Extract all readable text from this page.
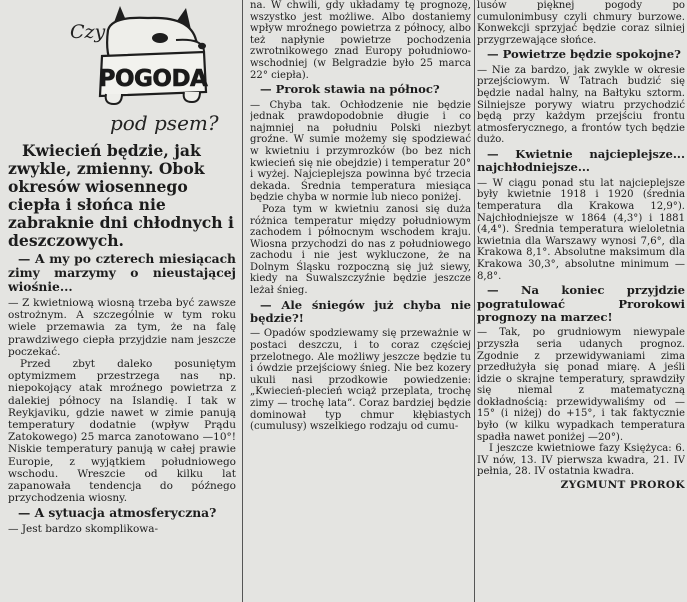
Czy
POGODA
pod psem?
Kwiecień będzie, jak zwykle, zmienny. Obok okresów wiosennego ciepła i słońca nie zabraknie dni chłodnych i deszczowych.
— A my po czterech miesiącach zimy marzymy o nieustającej wiośnie...

— Z kwietniową wiosną trzeba być zawsze ostrożnym. A szczególnie w tym roku wiele przemawia za tym, że na falę prawdziwego ciepła przyjdzie nam jeszcze poczekać.

Przed zbyt daleko posuniętym optymizmem przestrzega nas np. niepokojący atak mroźnego powietrza z dalekiej północy na Islandię. I tak w Reykjaviku, gdzie nawet w zimie panują temperatury dodatnie (wpływ Prądu Zatokowego) 25 marca zanotowano —10°! Niskie temperatury panują w całej prawie Europie, z wyjątkiem południowego wschodu. Wreszcie od kilku lat zapanowała tendencja do późnego przychodzenia wiosny.

— A sytuacja atmosferyczna?

— Jest bardzo skomplikowa-

na. W chwili, gdy układamy tę prognozę, wszystko jest możliwe. Albo dostaniemy wpływ mroźnego powietrza z północy, albo też napłynie powietrze pochodzenia zwrotnikowego znad Europy południowo-wschodniej (w Belgradzie było 25 marca 22° ciepła).

— Prorok stawia na północ?

— Chyba tak. Ochłodzenie nie będzie jednak prawdopodobnie długie i co najmniej na południu Polski niezbyt groźne. W sumie możemy się spodziewać w kwietniu i przymrozków (bo bez nich kwiecień się nie obejdzie) i temperatur 20° i wyżej. Najcieplejsza powinna być trzecia dekada. Średnia temperatura miesiąca będzie chyba w normie lub nieco poniżej.

Poza tym w kwietniu zanosi się duża różnica temperatur między południowym zachodem i północnym wschodem kraju. Wiosna przychodzi do nas z południowego zachodu i nie jest wykluczone, że na Dolnym Śląsku rozpoczną się już siewy, kiedy na Suwalszczyźnie będzie jeszcze leżał śnieg.

— Ale śniegów już chyba nie będzie?!

— Opadów spodziewamy się przeważnie w postaci deszczu, i to coraz częściej przelotnego. Ale możliwy jeszcze będzie tu i ówdzie przejściowy śnieg. Nie bez kozery ukuli nasi przodkowie powiedzenie: „Kwiecień-plecień wciąż przeplata, trochę zimy — trochę lata”. Coraz bardziej będzie dominował typ chmur kłębiastych (cumulusy) wszelkiego rodzaju od cumu-

lusów pięknej pogody po cumulonimbusy czyli chmury burzowe. Konwekcji sprzyjać będzie coraz silniej przygrzewające słońce.

— Powietrze będzie spokojne?

— Nie za bardzo, jak zwykle w okresie przejściowym. W Tatrach budzić się będzie nadal halny, na Bałtyku sztorm. Silniejsze porywy wiatru przychodzić będą przy każdym przejściu frontu atmosferycznego, a frontów tych będzie dużo.

— Kwietnie najcieplejsze... najchłodniejsze...

— W ciągu ponad stu lat najcieplejsze były kwietnie 1918 i 1920 (średnia temperatura dla Krakowa 12,9°). Najchłodniejsze w 1864 (4,3°) i 1881 (4,4°). Średnia temperatura wieloletnia kwietnia dla Warszawy wynosi 7,6°, dla Krakowa 8,1°. Absolutne maksimum dla Krakowa 30,3°, absolutne minimum —8,8°.

— Na koniec przyjdzie pogratulować Prorokowi prognozy na marzec!

— Tak, po grudniowym niewypale przyszła seria udanych prognoz. Zgodnie z przewidywaniami zima przedłużyła się ponad miarę. A jeśli idzie o skrajne temperatury, sprawdziły się niemal z matematyczną dokładnością: przewidywaliśmy od —15° (i niżej) do +15°, i tak faktycznie było (w kilku wypadkach temperatura spadła nawet poniżej —20°).

I jeszcze kwietniowe fazy Księżyca: 6. IV nów, 13. IV pierwsza kwadra, 21. IV pełnia, 28. IV ostatnia kwadra.

ZYGMUNT PROROK
